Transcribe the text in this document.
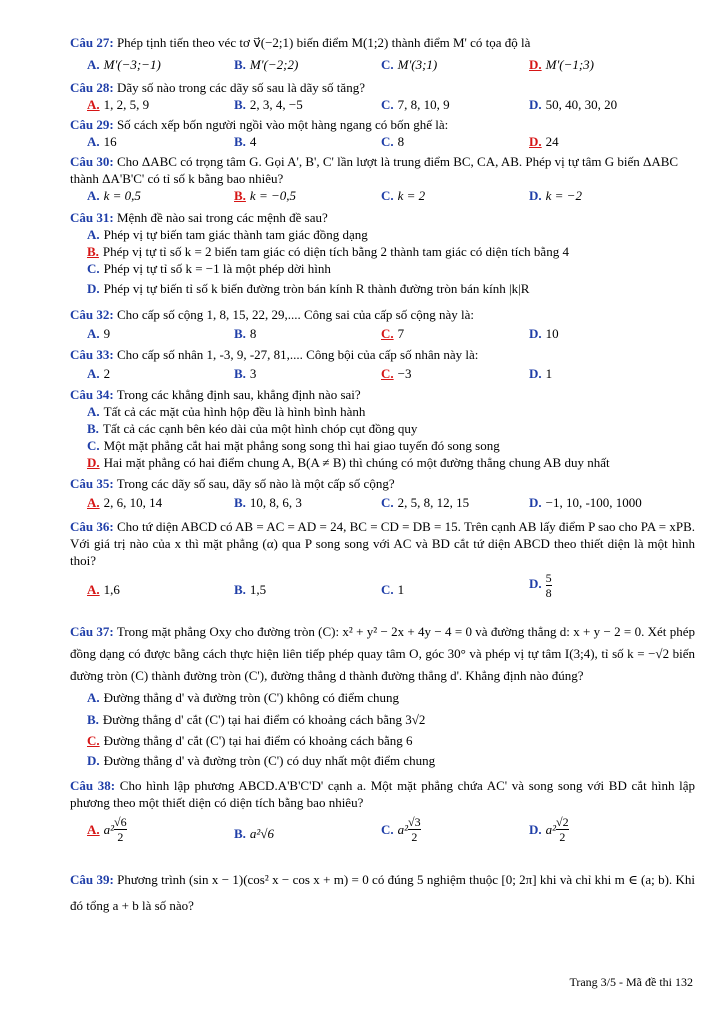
Câu 27: Phép tịnh tiến theo véc tơ v⃗(−2;1) biến điểm M(1;2) thành điểm M' có tọa độ là

A. M'(−3;−1)	B. M'(−2;2)	C. M'(3;1)	D. M'(−1;3)

Câu 28: Dãy số nào trong các dãy số sau là dãy số tăng?

A. 1, 2, 5, 9	B. 2, 3, 4, −5	C. 7, 8, 10, 9	D. 50, 40, 30, 20

Câu 29: Số cách xếp bốn người ngồi vào một hàng ngang có bốn ghế là:

A. 16	B. 4	C. 8	D. 24

Câu 30: Cho ΔABC có trọng tâm G. Gọi A', B', C' lần lượt là trung điểm BC, CA, AB. Phép vị tự tâm G biến ΔABC thành ΔA'B'C' có tỉ số k bằng bao nhiêu?

A. k = 0,5	B. k = −0,5	C. k = 2	D. k = −2

Câu 31: Mệnh đề nào sai trong các mệnh đề sau?

A. Phép vị tự biến tam giác thành tam giác đồng dạng
B. Phép vị tự tỉ số k = 2 biến tam giác có diện tích bằng 2 thành tam giác có diện tích bằng 4
C. Phép vị tự tỉ số k = −1 là một phép dời hình
D. Phép vị tự biến tỉ số k biến đường tròn bán kính R thành đường tròn bán kính |k|R

Câu 32: Cho cấp số cộng 1, 8, 15, 22, 29,.... Công sai của cấp số cộng này là:

A. 9	B. 8	C. 7	D. 10

Câu 33: Cho cấp số nhân 1, -3, 9, -27, 81,.... Công bội của cấp số nhân này là:

A. 2	B. 3	C. −3	D. 1

Câu 34: Trong các khẳng định sau, khẳng định nào sai?

A. Tất cả các mặt của hình hộp đều là hình bình hành
B. Tất cả các cạnh bên kéo dài của một hình chóp cụt đồng quy
C. Một mặt phẳng cắt hai mặt phẳng song song thì hai giao tuyến đó song song
D. Hai mặt phẳng có hai điểm chung A, B(A ≠ B) thì chúng có một đường thẳng chung AB duy nhất

Câu 35: Trong các dãy số sau, dãy số nào là một cấp số cộng?

A. 2, 6, 10, 14	B. 10, 8, 6, 3	C. 2, 5, 8, 12, 15	D. −1, 10, -100, 1000

Câu 36: Cho tứ diện ABCD có AB = AC = AD = 24, BC = CD = DB = 15. Trên cạnh AB lấy điểm P sao cho PA = xPB. Với giá trị nào của x thì mặt phẳng (α) qua P song song với AC và BD cắt tứ diện ABCD theo thiết diện là một hình thoi?

A. 1,6	B. 1,5	C. 1	D. $\frac{5}{8}$

Câu 37: Trong mặt phẳng Oxy cho đường tròn (C): x² + y² − 2x + 4y − 4 = 0 và đường thẳng d: x + y − 2 = 0. Xét phép đồng dạng có được bằng cách thực hiện liên tiếp phép quay tâm O, góc 30° và phép vị tự tâm I(3;4), tỉ số k = −√2 biến đường tròn (C) thành đường tròn (C'), đường thẳng d thành đường thẳng d'. Khẳng định nào đúng?

A. Đường thẳng d' và đường tròn (C') không có điểm chung
B. Đường thẳng d' cắt (C') tại hai điểm có khoảng cách bằng 3√2
C. Đường thẳng d' cắt (C') tại hai điểm có khoảng cách bằng 6
D. Đường thẳng d' và đường tròn (C') có duy nhất một điểm chung

Câu 38: Cho hình lập phương ABCD.A'B'C'D' cạnh a. Một mặt phẳng chứa AC' và song song với BD cắt hình lập phương theo một thiết diện có diện tích bằng bao nhiêu?

A. $a^2 \frac{√6}{2}$	B. a²√6	C. $a^2 \frac{√3}{2}$	D. $a^2 \frac{√2}{2}$

Câu 39: Phương trình (sin x − 1)(cos² x − cos x + m) = 0 có đúng 5 nghiệm thuộc [0; 2π] khi và chỉ khi m ∈ (a; b). Khi đó tổng a + b là số nào?

Trang 3/5 - Mã đề thi 132
